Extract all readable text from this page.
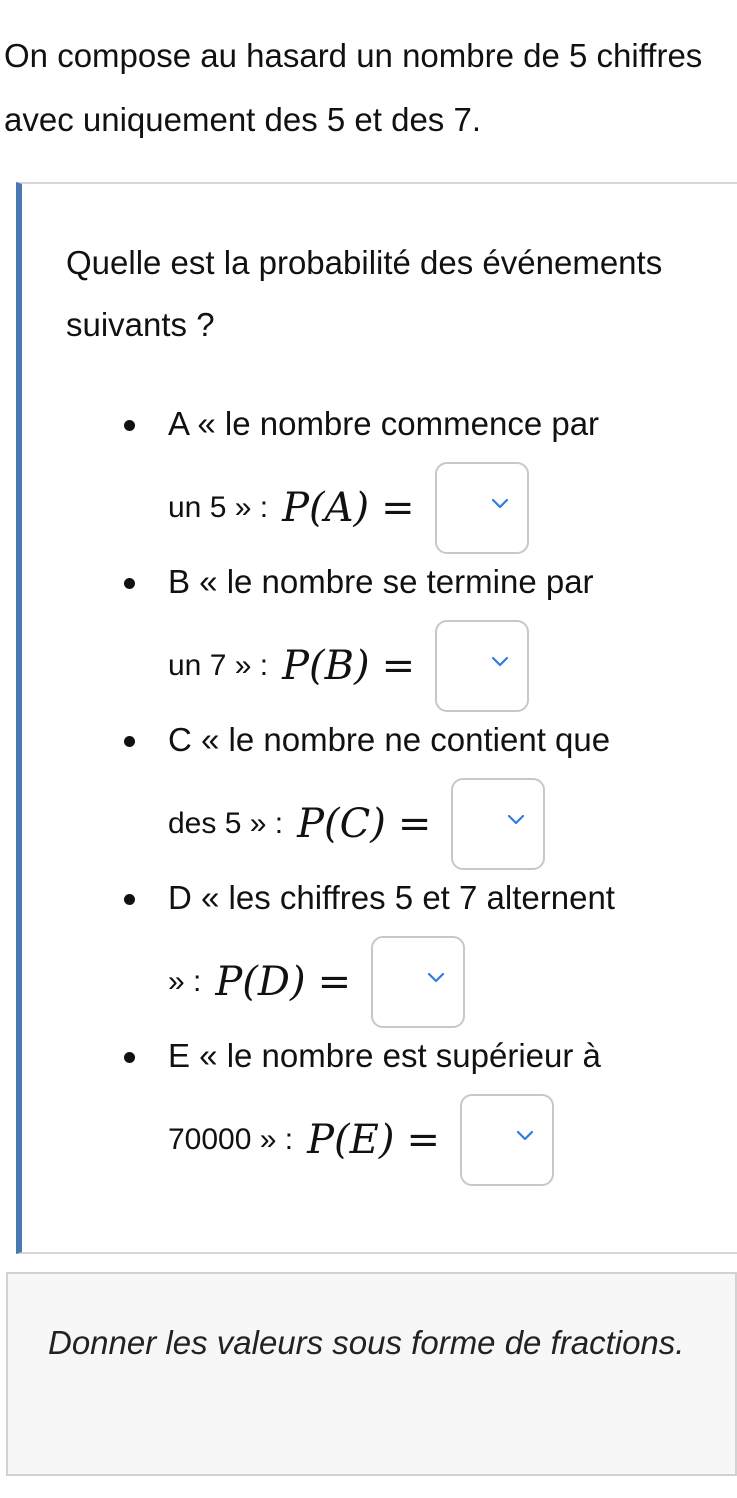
On compose au hasard un nombre de 5 chiffres avec uniquement des 5 et des 7.

Quelle est la probabilité des événements suivants ?

A « le nombre commence par
un 5 » : P(A) =
B « le nombre se termine par
un 7 » : P(B) =
C « le nombre ne contient que
des 5 » : P(C) =
D « les chiffres 5 et 7 alternent
» : P(D) =
E « le nombre est supérieur à
70000 » : P(E) =

Donner les valeurs sous forme de fractions.
